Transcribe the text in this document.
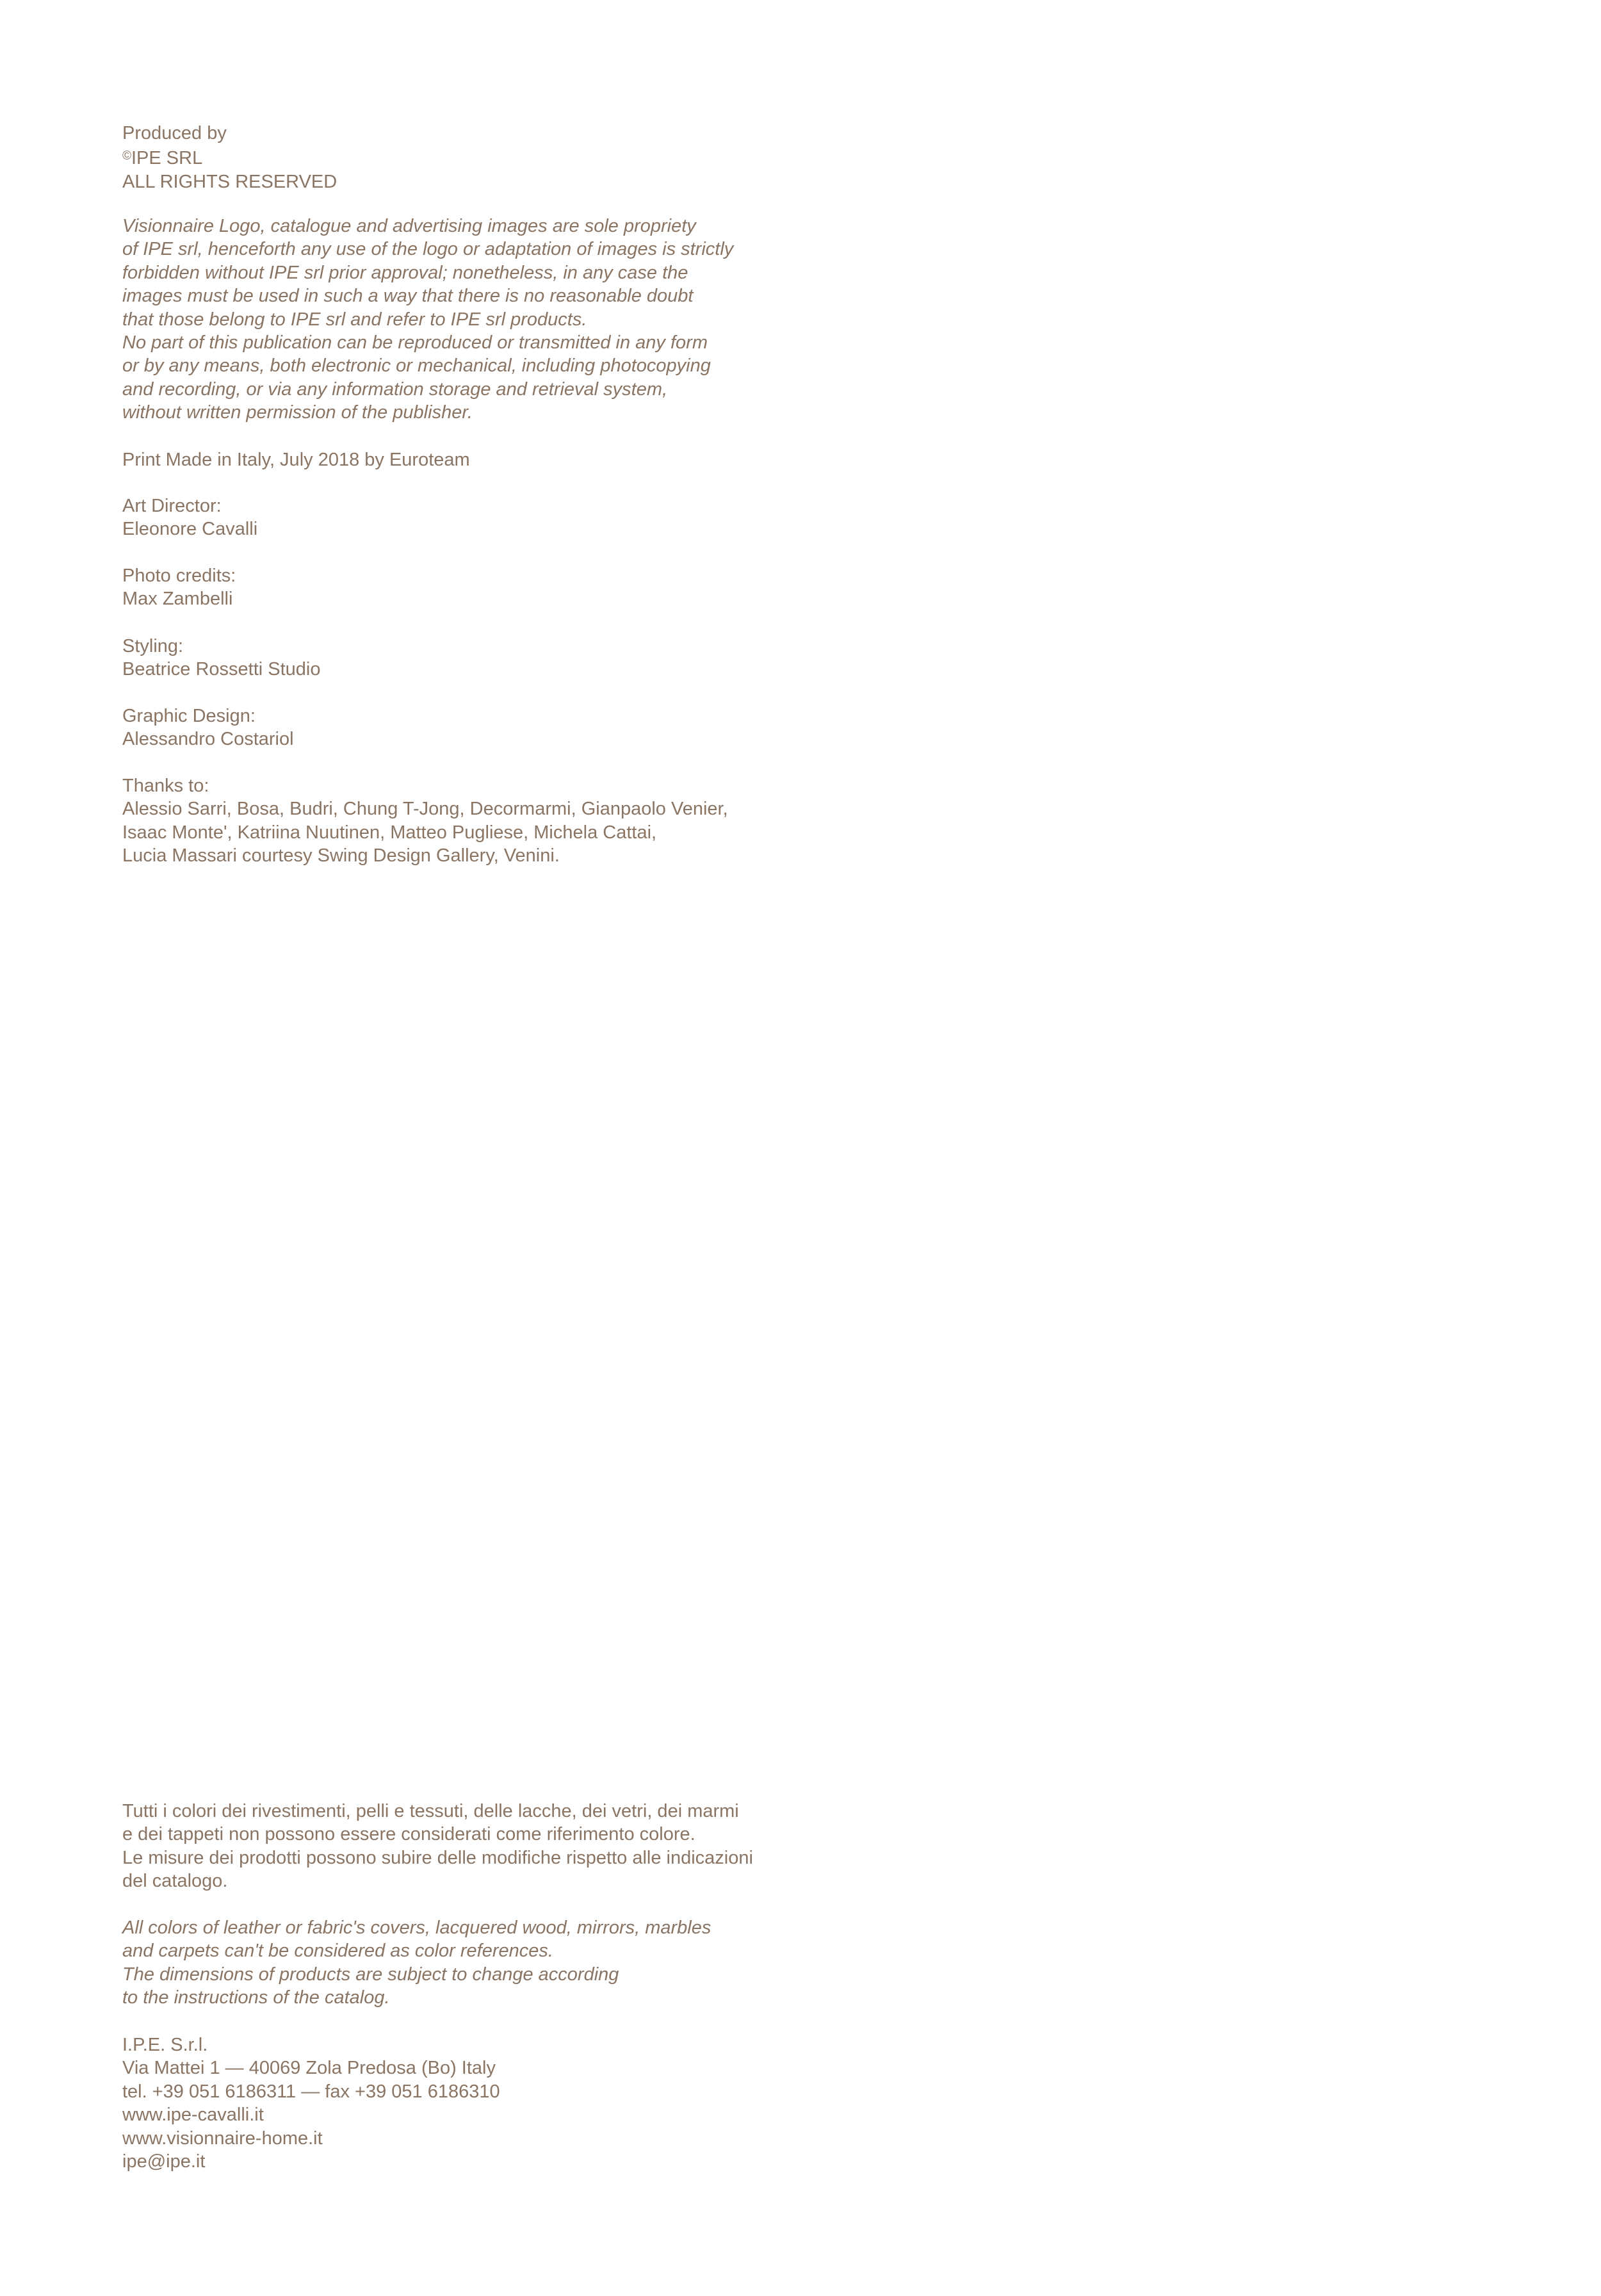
Produced by
©IPE SRL
ALL RIGHTS RESERVED
Visionnaire Logo, catalogue and advertising images are sole propriety
of IPE srl, henceforth any use of the logo or adaptation of images is strictly
forbidden without IPE srl prior approval; nonetheless, in any case the
images must be used in such a way that there is no reasonable doubt
that those belong to IPE srl and refer to IPE srl products.
No part of this publication can be reproduced or transmitted in any form
or by any means, both electronic or mechanical, including photocopying
and recording, or via any information storage and retrieval system,
without written permission of the publisher.
Print Made in Italy, July 2018 by Euroteam
Art Director:
Eleonore Cavalli
Photo credits:
Max Zambelli
Styling:
Beatrice Rossetti Studio
Graphic Design:
Alessandro Costariol
Thanks to:
Alessio Sarri, Bosa, Budri, Chung T-Jong, Decormarmi, Gianpaolo Venier,
Isaac Monte', Katriina Nuutinen, Matteo Pugliese, Michela Cattai,
Lucia Massari courtesy Swing Design Gallery, Venini.
Tutti i colori dei rivestimenti, pelli e tessuti, delle lacche, dei vetri, dei marmi
e dei tappeti non possono essere considerati come riferimento colore.
Le misure dei prodotti possono subire delle modifiche rispetto alle indicazioni
del catalogo.
All colors of leather or fabric's covers, lacquered wood, mirrors, marbles
and carpets can't be considered as color references.
The dimensions of products are subject to change according
to the instructions of the catalog.
I.P.E. S.r.l.
Via Mattei 1 — 40069 Zola Predosa (Bo) Italy
tel. +39 051 6186311 — fax +39 051 6186310
www.ipe-cavalli.it
www.visionnaire-home.it
ipe@ipe.it
